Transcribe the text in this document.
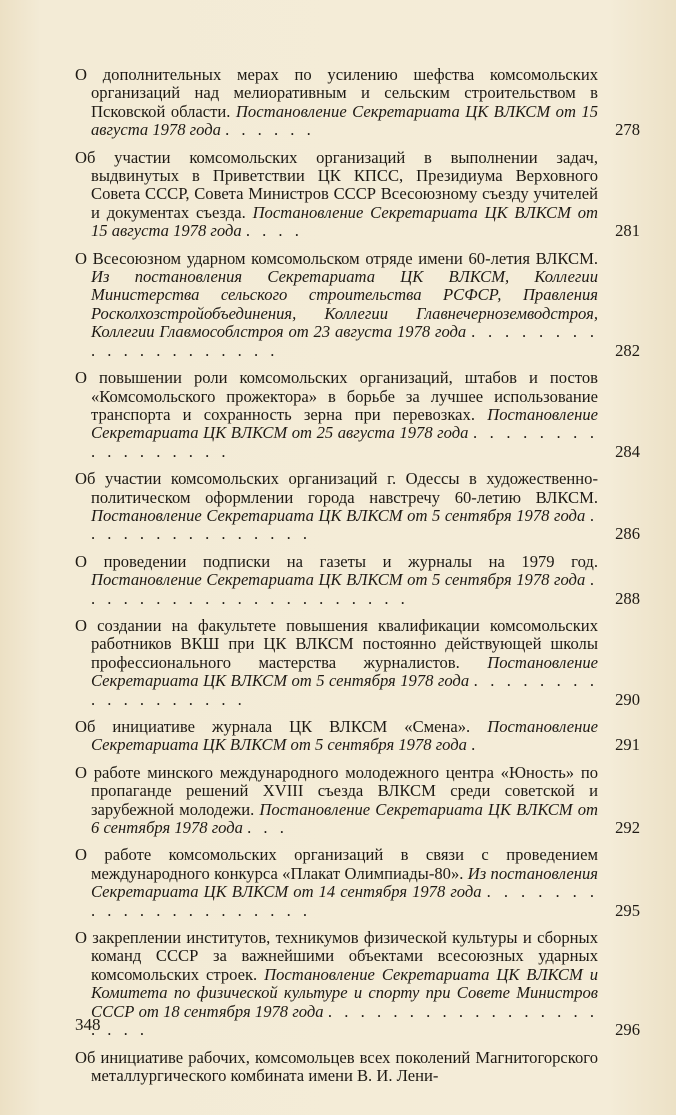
О дополнительных мерах по усилению шефства комсомольских организаций над мелиоративным и сельским строительством в Псковской области. Постановление Секретариата ЦК ВЛКСМ от 15 августа 1978 года . . . . . .	278

Об участии комсомольских организаций в выполнении задач, выдвинутых в Приветствии ЦК КПСС, Президиума Верховного Совета СССР, Совета Министров СССР Всесоюзному съезду учителей и документах съезда. Постановление Секретариата ЦК ВЛКСМ от 15 августа 1978 года . . . .	281

О Всесоюзном ударном комсомольском отряде имени 60-летия ВЛКСМ. Из постановления Секретариата ЦК ВЛКСМ, Коллегии Министерства сельского строительства РСФСР, Правления Росколхозстройобъединения, Коллегии Главнечерноземводстроя, Коллегии Главмособлстроя от 23 августа 1978 года . . . . . . . . . . . . . . . . . . . .	282

О повышении роли комсомольских организаций, штабов и постов «Комсомольского прожектора» в борьбе за лучшее использование транспорта и сохранность зерна при перевозках. Постановление Секретариата ЦК ВЛКСМ от 25 августа 1978 года . . . . . . . . . . . . . . . . .	284

Об участии комсомольских организаций г. Одессы в художественно-политическом оформлении города навстречу 60-летию ВЛКСМ. Постановление Секретариата ЦК ВЛКСМ от 5 сентября 1978 года . . . . . . . . . . . . . . .	286

О проведении подписки на газеты и журналы на 1979 год. Постановление Секретариата ЦК ВЛКСМ от 5 сентября 1978 года . . . . . . . . . . . . . . . . . . . . .	288

О создании на факультете повышения квалификации комсомольских работников ВКШ при ЦК ВЛКСМ постоянно действующей школы профессионального мастерства журналистов. Постановление Секретариата ЦК ВЛКСМ от 5 сентября 1978 года . . . . . . . . . . . . . . . . . .	290

Об инициативе журнала ЦК ВЛКСМ «Смена». Постановление Секретариата ЦК ВЛКСМ от 5 сентября 1978 года .	291

О работе минского международного молодежного центра «Юность» по пропаганде решений XVIII съезда ВЛКСМ среди советской и зарубежной молодежи. Постановление Секретариата ЦК ВЛКСМ от 6 сентября 1978 года . . .	292

О работе комсомольских организаций в связи с проведением международного конкурса «Плакат Олимпиады-80». Из постановления Секретариата ЦК ВЛКСМ от 14 сентября 1978 года . . . . . . . . . . . . . . . . . . . . .	295

О закреплении институтов, техникумов физической культуры и сборных команд СССР за важнейшими объектами всесоюзных ударных комсомольских строек. Постановление Секретариата ЦК ВЛКСМ и Комитета по физической культуре и спорту при Совете Министров СССР от 18 сентября 1978 года . . . . . . . . . . . . . . . . . . . . .	296

Об инициативе рабочих, комсомольцев всех поколений Магнитогорского металлургического комбината имени В. И. Лени-

348
